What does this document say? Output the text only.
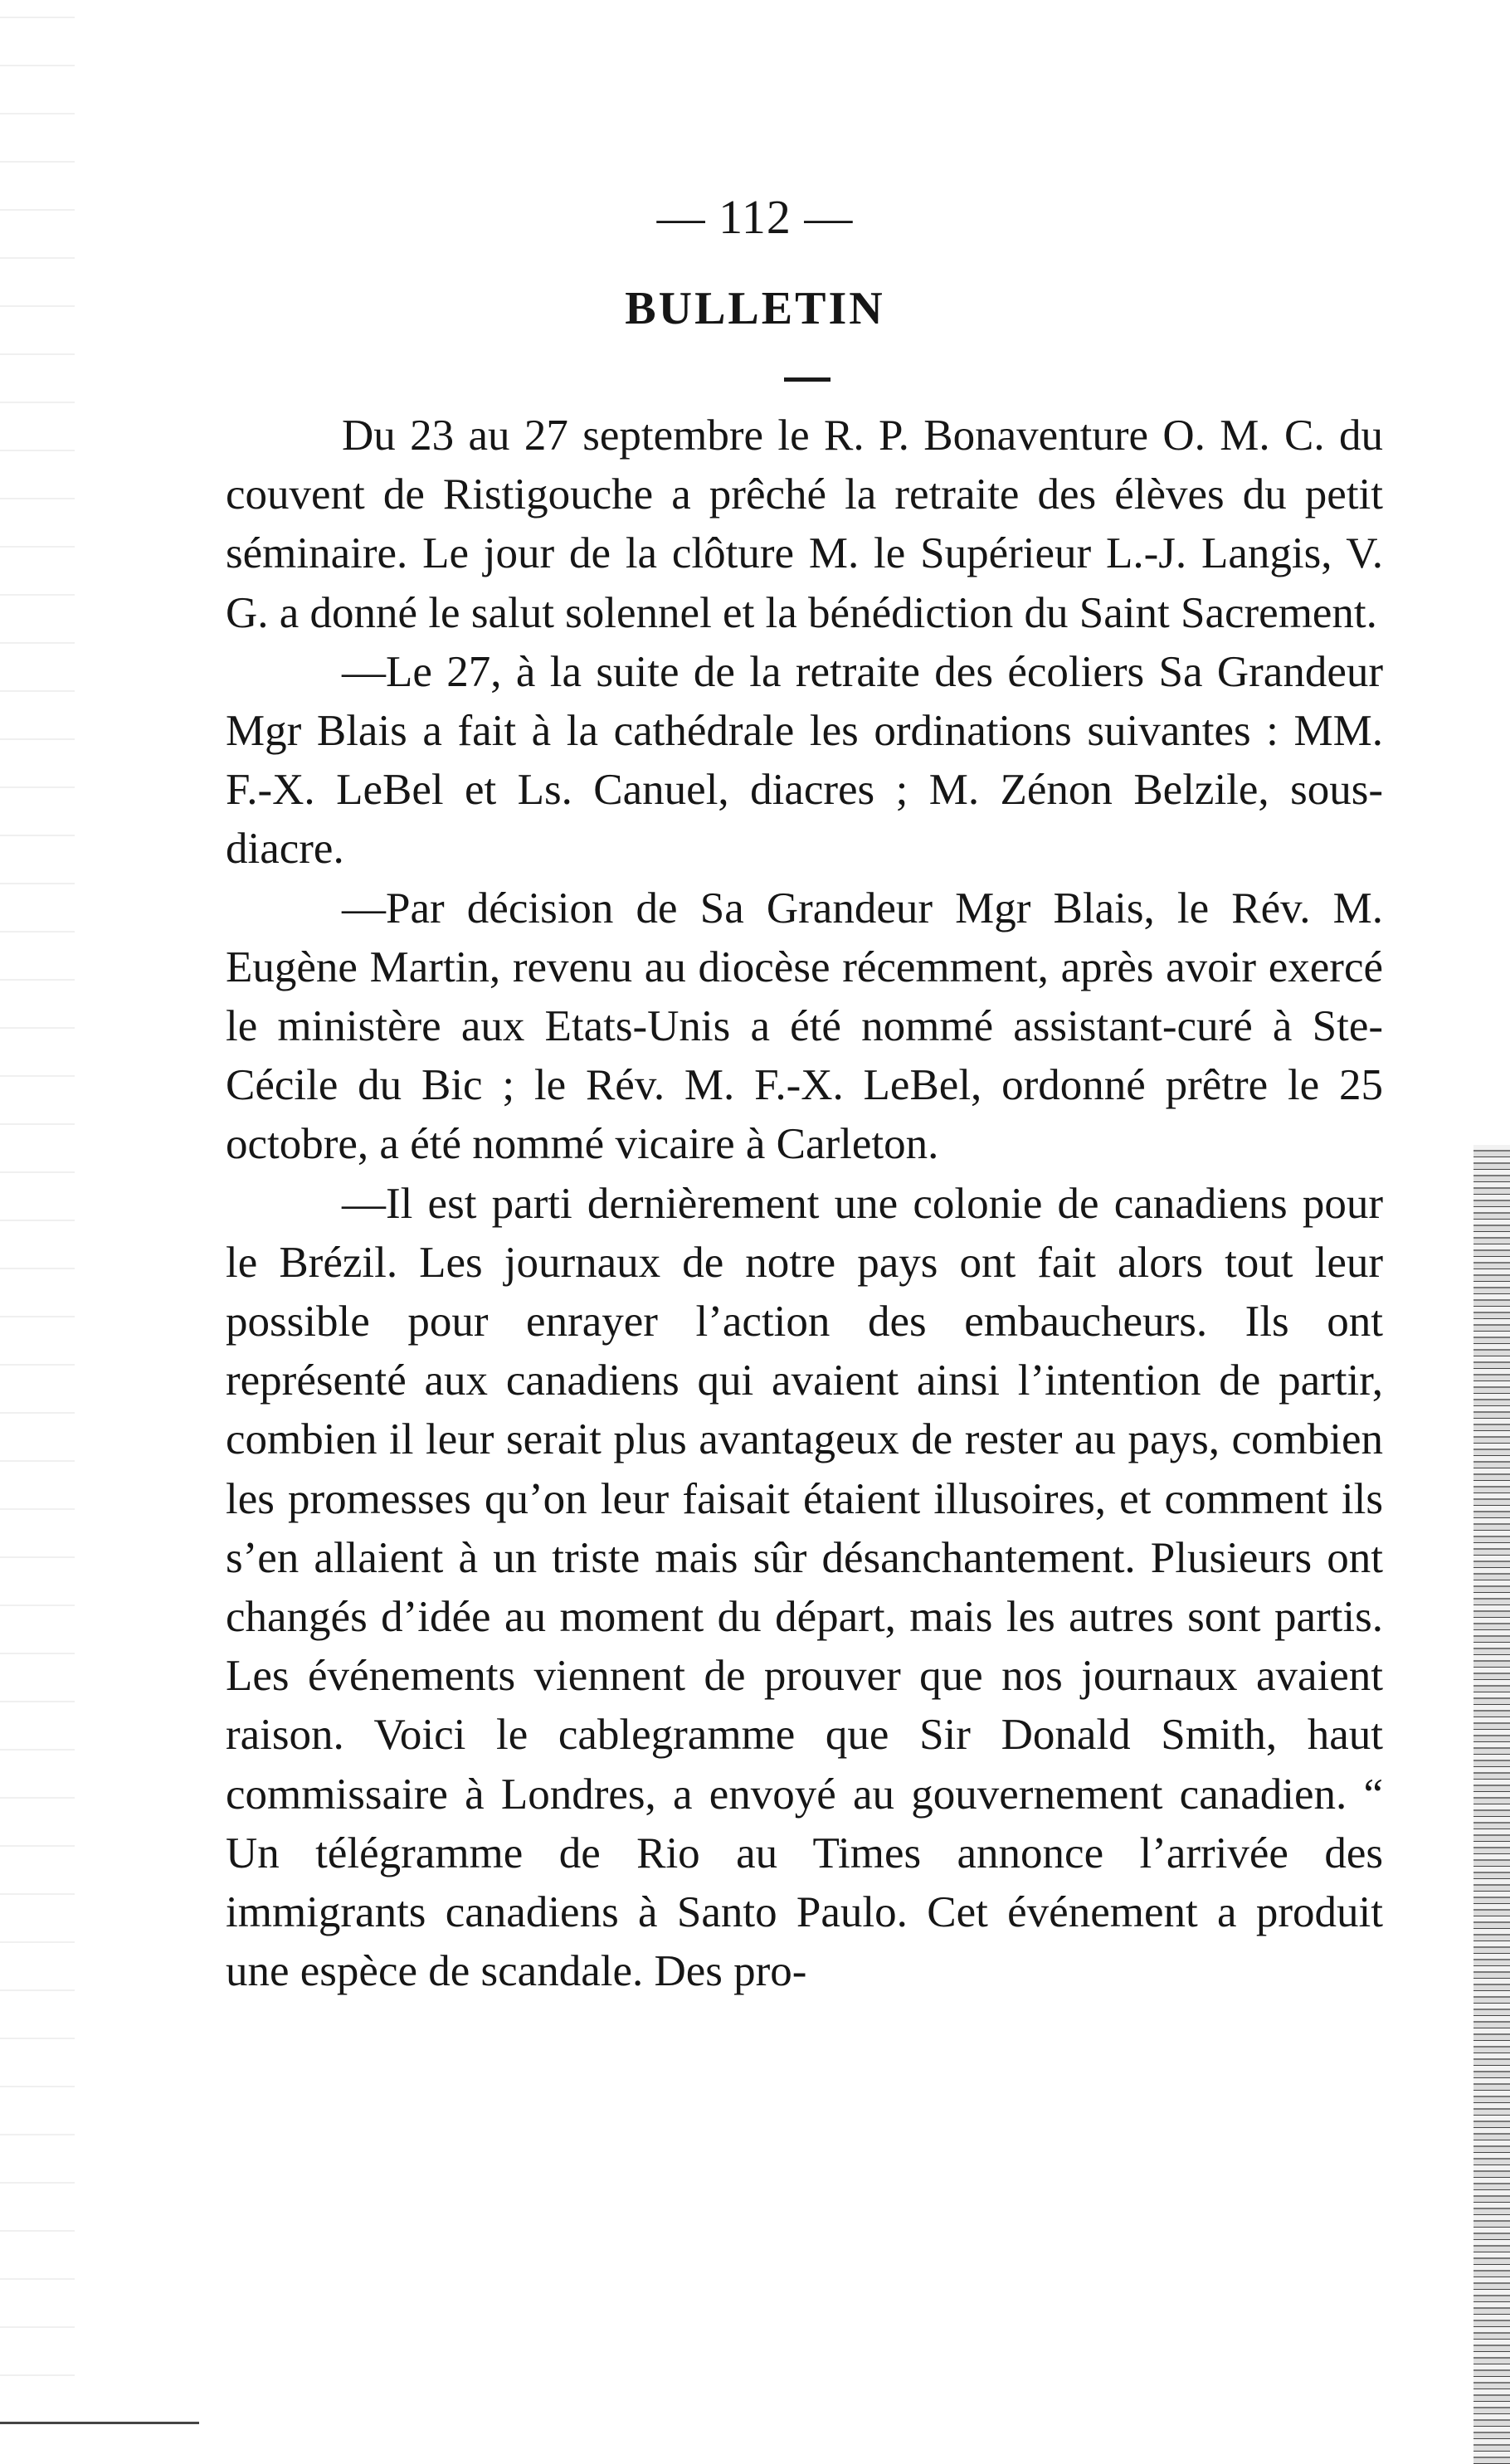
— 112 —
BULLETIN

Du 23 au 27 septembre le R. P. Bonaventure O. M. C. du couvent de Ristigouche a prêché la retraite des élèves du petit séminaire. Le jour de la clôture M. le Supérieur L.-J. Langis, V. G. a donné le salut solennel et la bénédiction du Saint Sacrement.

—Le 27, à la suite de la retraite des écoliers Sa Grandeur Mgr Blais a fait à la cathédrale les ordinations suivantes : MM. F.-X. LeBel et Ls. Canuel, diacres ; M. Zénon Belzile, sous-diacre.

—Par décision de Sa Grandeur Mgr Blais, le Rév. M. Eugène Martin, revenu au diocèse récemment, après avoir exercé le ministère aux Etats-Unis a été nommé assistant-curé à Ste-Cécile du Bic ; le Rév. M. F.-X. LeBel, ordonné prêtre le 25 octobre, a été nommé vicaire à Carleton.

—Il est parti dernièrement une colonie de canadiens pour le Brézil. Les journaux de notre pays ont fait alors tout leur possible pour enrayer l’action des embaucheurs. Ils ont représenté aux canadiens qui avaient ainsi l’intention de partir, combien il leur serait plus avantageux de rester au pays, combien les promesses qu’on leur faisait étaient illusoires, et comment ils s’en allaient à un triste mais sûr désanchantement. Plusieurs ont changés d’idée au moment du départ, mais les autres sont partis. Les événements viennent de prouver que nos journaux avaient raison. Voici le cablegramme que Sir Donald Smith, haut commissaire à Londres, a envoyé au gouvernement canadien. “ Un télégramme de Rio au Times annonce l’arrivée des immigrants canadiens à Santo Paulo. Cet événement a produit une espèce de scandale. Des pro-
